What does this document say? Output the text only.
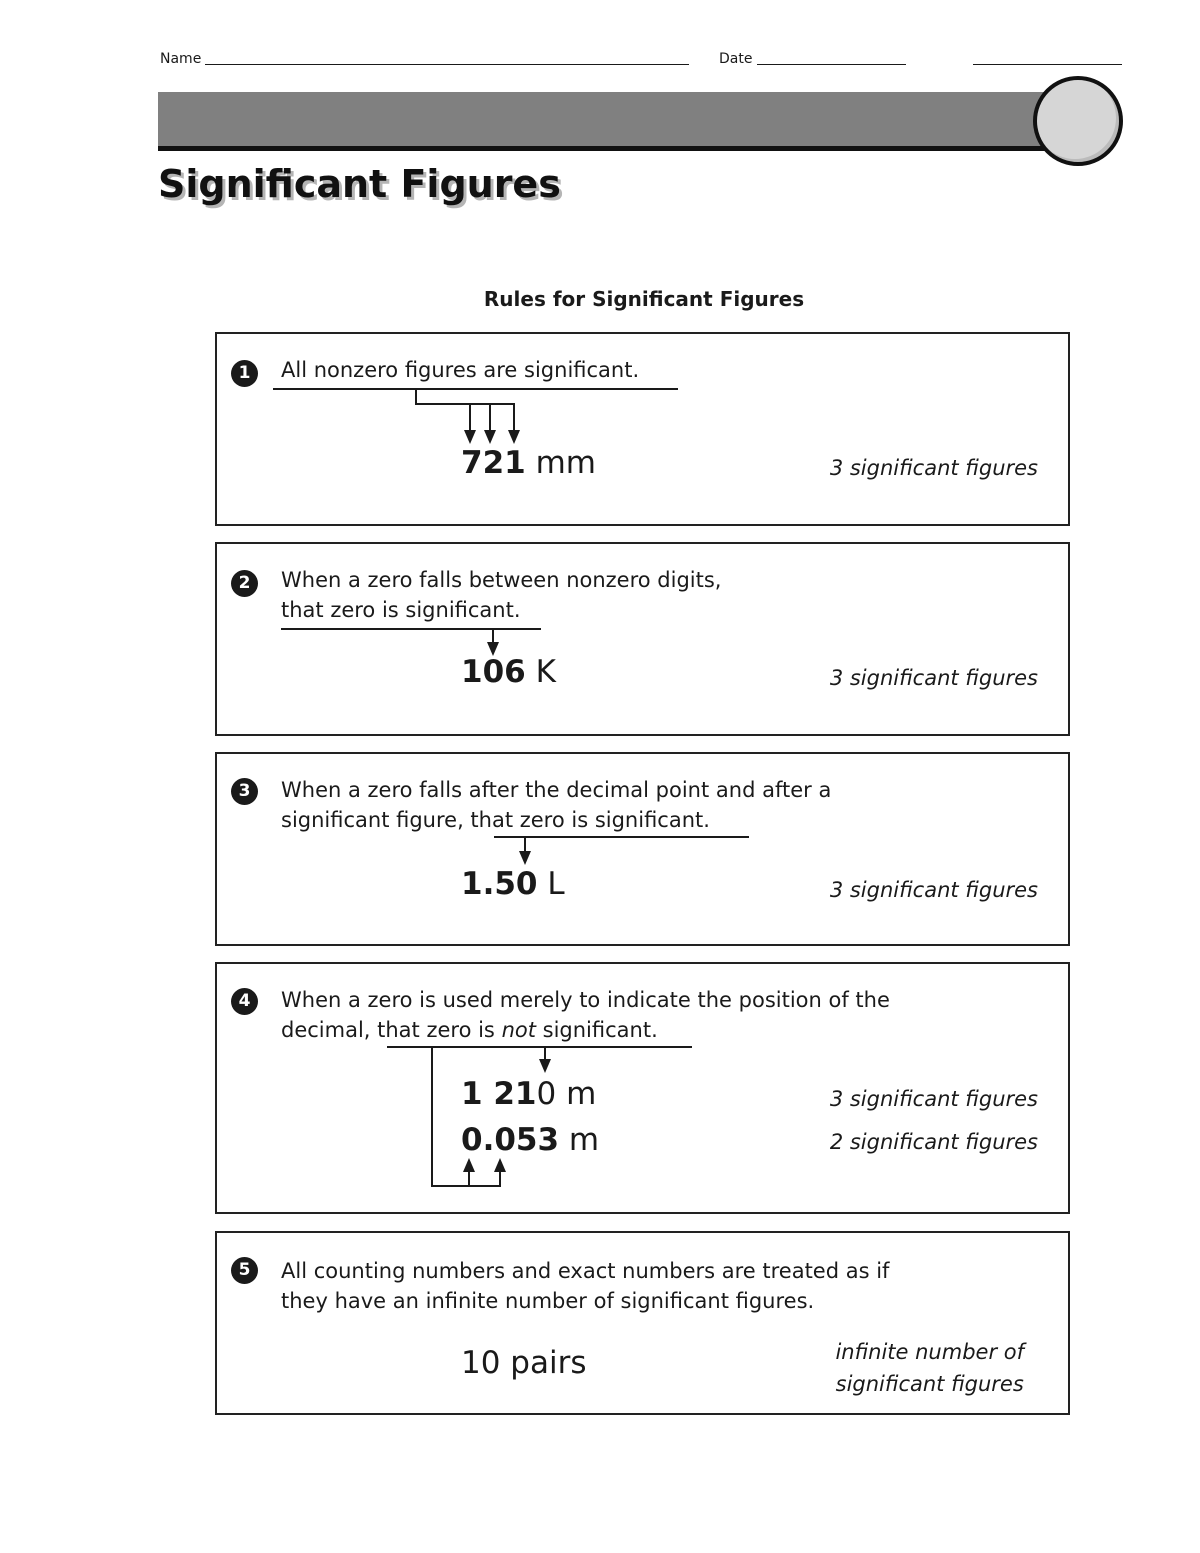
Name	Date
Significant Figures
Rules for Significant Figures
1	All nonzero figures are significant.

721 mm	3 significant figures
2	When a zero falls between nonzero digits,
that zero is significant.

106 K	3 significant figures
3	When a zero falls after the decimal point and after a
significant figure, that zero is significant.

1.50 L	3 significant figures
4	When a zero is used merely to indicate the position of the
decimal, that zero is not significant.

1 210 m	3 significant figures
0.053 m	2 significant figures
5	All counting numbers and exact numbers are treated as if
they have an infinite number of significant figures.

10 pairs	infinite number of
significant figures
